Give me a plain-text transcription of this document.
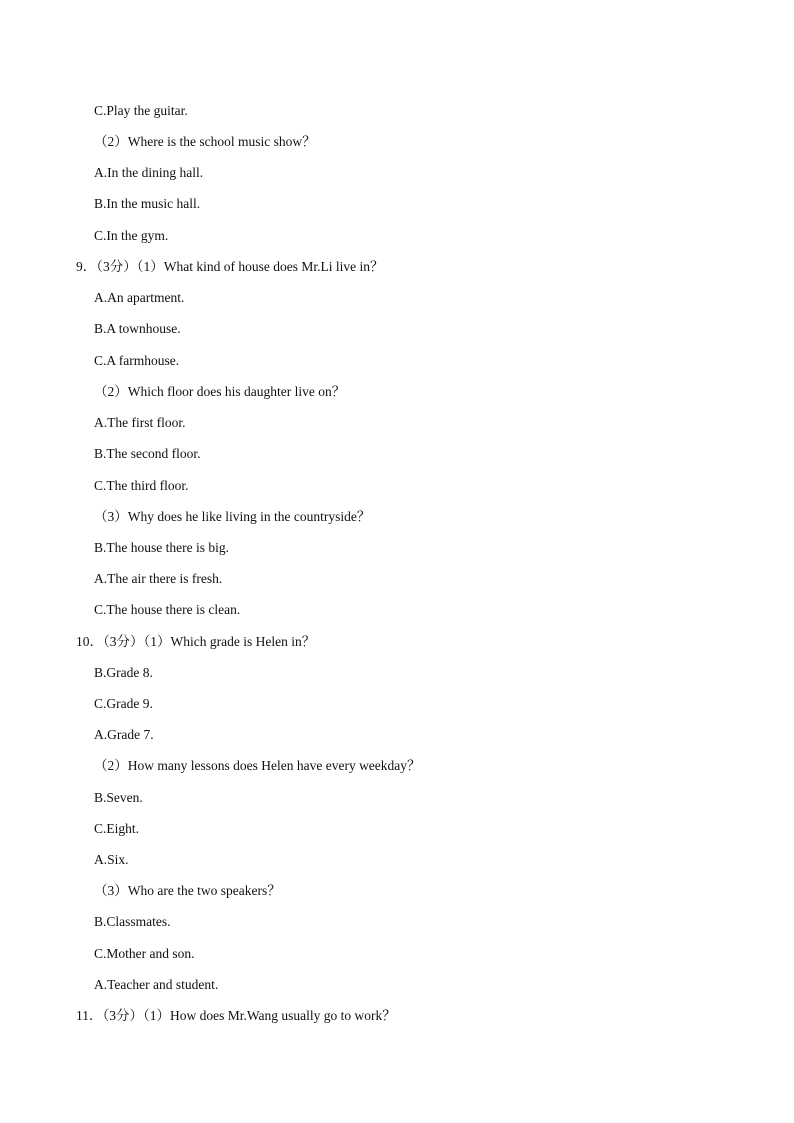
C.Play the guitar.
（2）Where is the school music show？
A.In the dining hall.
B.In the music hall.
C.In the gym.
9．（3分）（1）What kind of house does Mr.Li live in？
A.An apartment.
B.A townhouse.
C.A farmhouse.
（2）Which floor does his daughter live on？
A.The first floor.
B.The second floor.
C.The third floor.
（3）Why does he like living in the countryside？
B.The house there is big.
A.The air there is fresh.
C.The house there is clean.
10．（3分）（1）Which grade is Helen in？
B.Grade 8.
C.Grade 9.
A.Grade 7.
（2）How many lessons does Helen have every weekday？
B.Seven.
C.Eight.
A.Six.
（3）Who are the two speakers？
B.Classmates.
C.Mother and son.
A.Teacher and student.
11．（3分）（1）How does Mr.Wang usually go to work？
